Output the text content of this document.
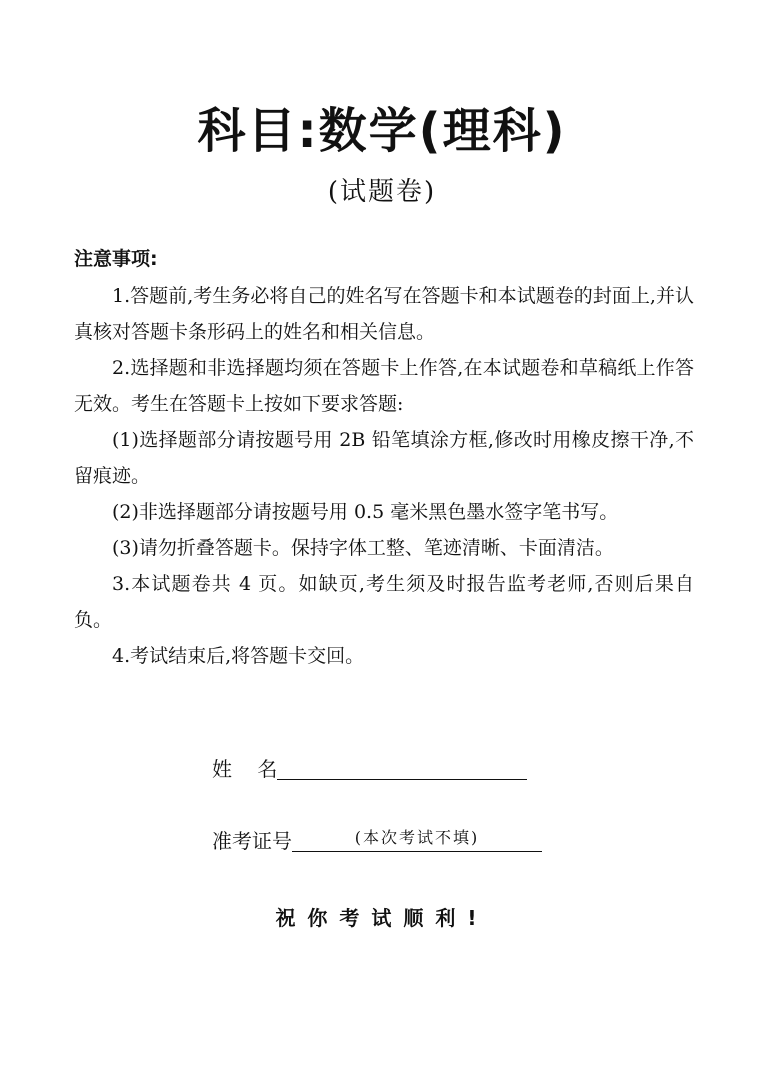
科目:数学(理科)
(试题卷)
注意事项:

1.答题前,考生务必将自己的姓名写在答题卡和本试题卷的封面上,并认真核对答题卡条形码上的姓名和相关信息。

2.选择题和非选择题均须在答题卡上作答,在本试题卷和草稿纸上作答无效。考生在答题卡上按如下要求答题:

(1)选择题部分请按题号用 2B 铅笔填涂方框,修改时用橡皮擦干净,不留痕迹。

(2)非选择题部分请按题号用 0.5 毫米黑色墨水签字笔书写。

(3)请勿折叠答题卡。保持字体工整、笔迹清晰、卡面清洁。

3.本试题卷共 4 页。如缺页,考生须及时报告监考老师,否则后果自负。

4.考试结束后,将答题卡交回。

姓    名
准考证号	(本次考试不填)
祝你考试顺利!
